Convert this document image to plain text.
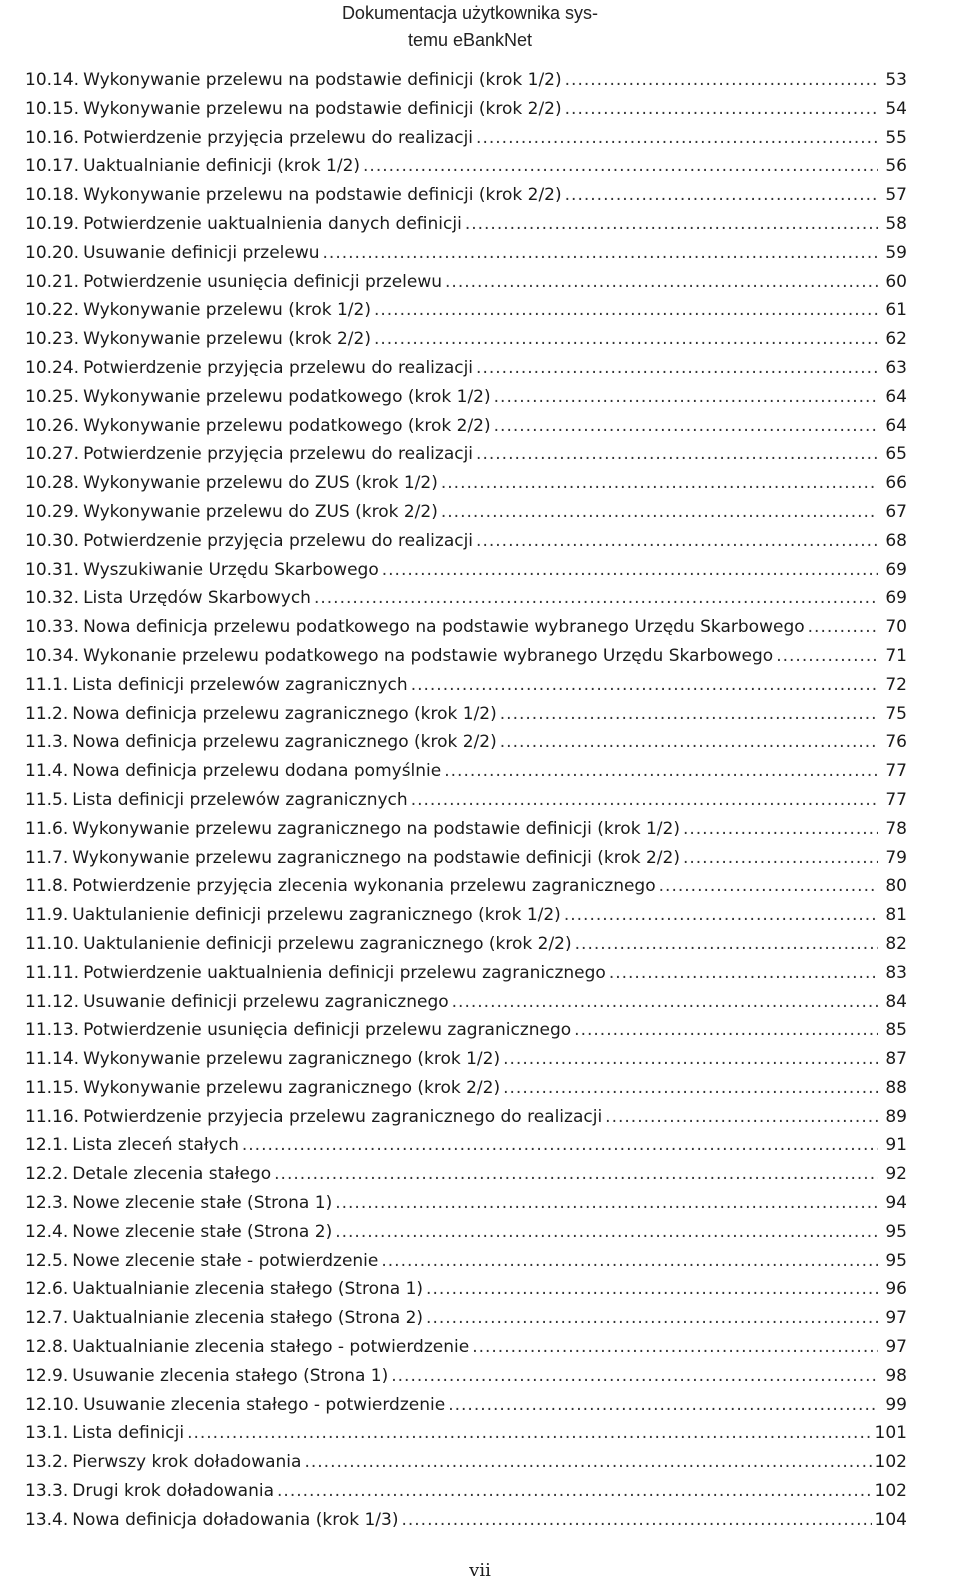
Dokumentacja użytkownika sys-
temu eBankNet
10.14. Wykonywanie przelewu na podstawie definicji (krok 1/2) .....	53
10.15. Wykonywanie przelewu na podstawie definicji (krok 2/2) .....	54
10.16. Potwierdzenie przyjęcia przelewu do realizacji .....	55
10.17. Uaktualnianie definicji (krok 1/2) .....	56
10.18. Wykonywanie przelewu na podstawie definicji (krok 2/2) .....	57
10.19. Potwierdzenie uaktualnienia danych definicji .....	58
10.20. Usuwanie definicji przelewu .....	59
10.21. Potwierdzenie usunięcia definicji przelewu .....	60
10.22. Wykonywanie przelewu (krok 1/2) .....	61
10.23. Wykonywanie przelewu (krok 2/2) .....	62
10.24. Potwierdzenie przyjęcia przelewu do realizacji .....	63
10.25. Wykonywanie przelewu podatkowego (krok 1/2) .....	64
10.26. Wykonywanie przelewu podatkowego (krok 2/2) .....	64
10.27. Potwierdzenie przyjęcia przelewu do realizacji .....	65
10.28. Wykonywanie przelewu do ZUS (krok 1/2) .....	66
10.29. Wykonywanie przelewu do ZUS (krok 2/2) .....	67
10.30. Potwierdzenie przyjęcia przelewu do realizacji .....	68
10.31. Wyszukiwanie Urzędu Skarbowego .....	69
10.32. Lista Urzędów Skarbowych .....	69
10.33. Nowa definicja przelewu podatkowego na podstawie wybranego Urzędu Skarbowego .....	70
10.34. Wykonanie przelewu podatkowego na podstawie wybranego Urzędu Skarbowego .....	71
11.1. Lista definicji przelewów zagranicznych .....	72
11.2. Nowa definicja przelewu zagranicznego (krok 1/2) .....	75
11.3. Nowa definicja przelewu zagranicznego (krok 2/2) .....	76
11.4. Nowa definicja przelewu dodana pomyślnie .....	77
11.5. Lista definicji przelewów zagranicznych .....	77
11.6. Wykonywanie przelewu zagranicznego na podstawie definicji (krok 1/2) .....	78
11.7. Wykonywanie przelewu zagranicznego na podstawie definicji (krok 2/2) .....	79
11.8. Potwierdzenie przyjęcia zlecenia wykonania przelewu zagranicznego .....	80
11.9. Uaktulanienie definicji przelewu zagranicznego (krok 1/2) .....	81
11.10. Uaktulanienie definicji przelewu zagranicznego (krok 2/2) .....	82
11.11. Potwierdzenie uaktualnienia definicji przelewu zagranicznego .....	83
11.12. Usuwanie definicji przelewu zagranicznego .....	84
11.13. Potwierdzenie usunięcia definicji przelewu zagranicznego .....	85
11.14. Wykonywanie przelewu zagranicznego (krok 1/2) .....	87
11.15. Wykonywanie przelewu zagranicznego (krok 2/2) .....	88
11.16. Potwierdzenie przyjecia przelewu zagranicznego do realizacji .....	89
12.1. Lista zleceń stałych .....	91
12.2. Detale zlecenia stałego .....	92
12.3. Nowe zlecenie stałe (Strona 1) .....	94
12.4. Nowe zlecenie stałe (Strona 2) .....	95
12.5. Nowe zlecenie stałe - potwierdzenie .....	95
12.6. Uaktualnianie zlecenia stałego (Strona 1) .....	96
12.7. Uaktualnianie zlecenia stałego (Strona 2) .....	97
12.8. Uaktualnianie zlecenia stałego - potwierdzenie .....	97
12.9. Usuwanie zlecenia stałego (Strona 1) .....	98
12.10. Usuwanie zlecenia stałego - potwierdzenie .....	99
13.1. Lista definicji .....	101
13.2. Pierwszy krok doładowania .....	102
13.3. Drugi krok doładowania .....	102
13.4. Nowa definicja doładowania (krok 1/3) .....	104
vii
